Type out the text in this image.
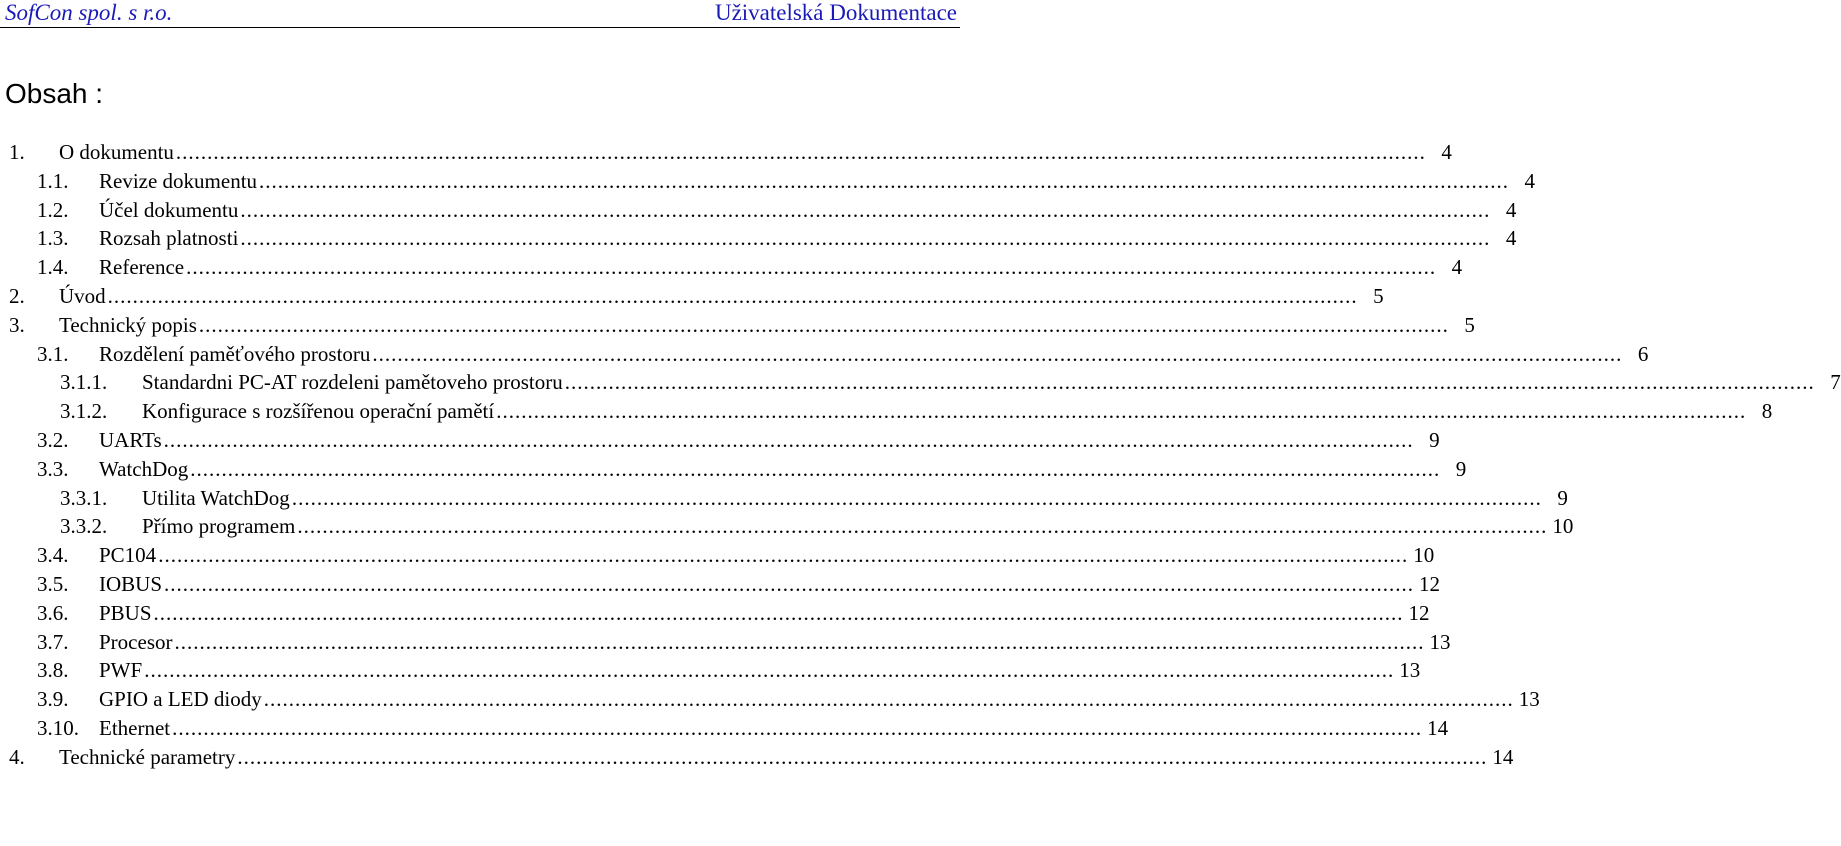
SofCon spol. s r.o.	Uživatelská Dokumentace
Obsah :
1.	O dokumentu ........................................................................................................................................................................................................ 4
1.1.	Revize dokumentu ........................................................................................................................................................................................................ 4
1.2.	Účel dokumentu ........................................................................................................................................................................................................ 4
1.3.	Rozsah platnosti ........................................................................................................................................................................................................ 4
1.4.	Reference ........................................................................................................................................................................................................ 4
2.	Úvod ........................................................................................................................................................................................................ 5
3.	Technický popis ........................................................................................................................................................................................................ 5
3.1.	Rozdělení paměťového prostoru ........................................................................................................................................................................................................ 6
3.1.1.	Standardni PC-AT rozdeleni pamětoveho prostoru ........................................................................................................................................................................................................ 7
3.1.2.	Konfigurace s rozšířenou operační pamětí ........................................................................................................................................................................................................ 8
3.2.	UARTs ........................................................................................................................................................................................................ 9
3.3.	WatchDog ........................................................................................................................................................................................................ 9
3.3.1.	Utilita WatchDog ........................................................................................................................................................................................................ 9
3.3.2.	Přímo programem ........................................................................................................................................................................................................ 10
3.4.	PC104 ........................................................................................................................................................................................................ 10
3.5.	IOBUS ........................................................................................................................................................................................................ 12
3.6.	PBUS ........................................................................................................................................................................................................ 12
3.7.	Procesor ........................................................................................................................................................................................................ 13
3.8.	PWF ........................................................................................................................................................................................................ 13
3.9.	GPIO a LED diody ........................................................................................................................................................................................................ 13
3.10. Ethernet ........................................................................................................................................................................................................ 14
4.	Technické parametry ........................................................................................................................................................................................................ 14
